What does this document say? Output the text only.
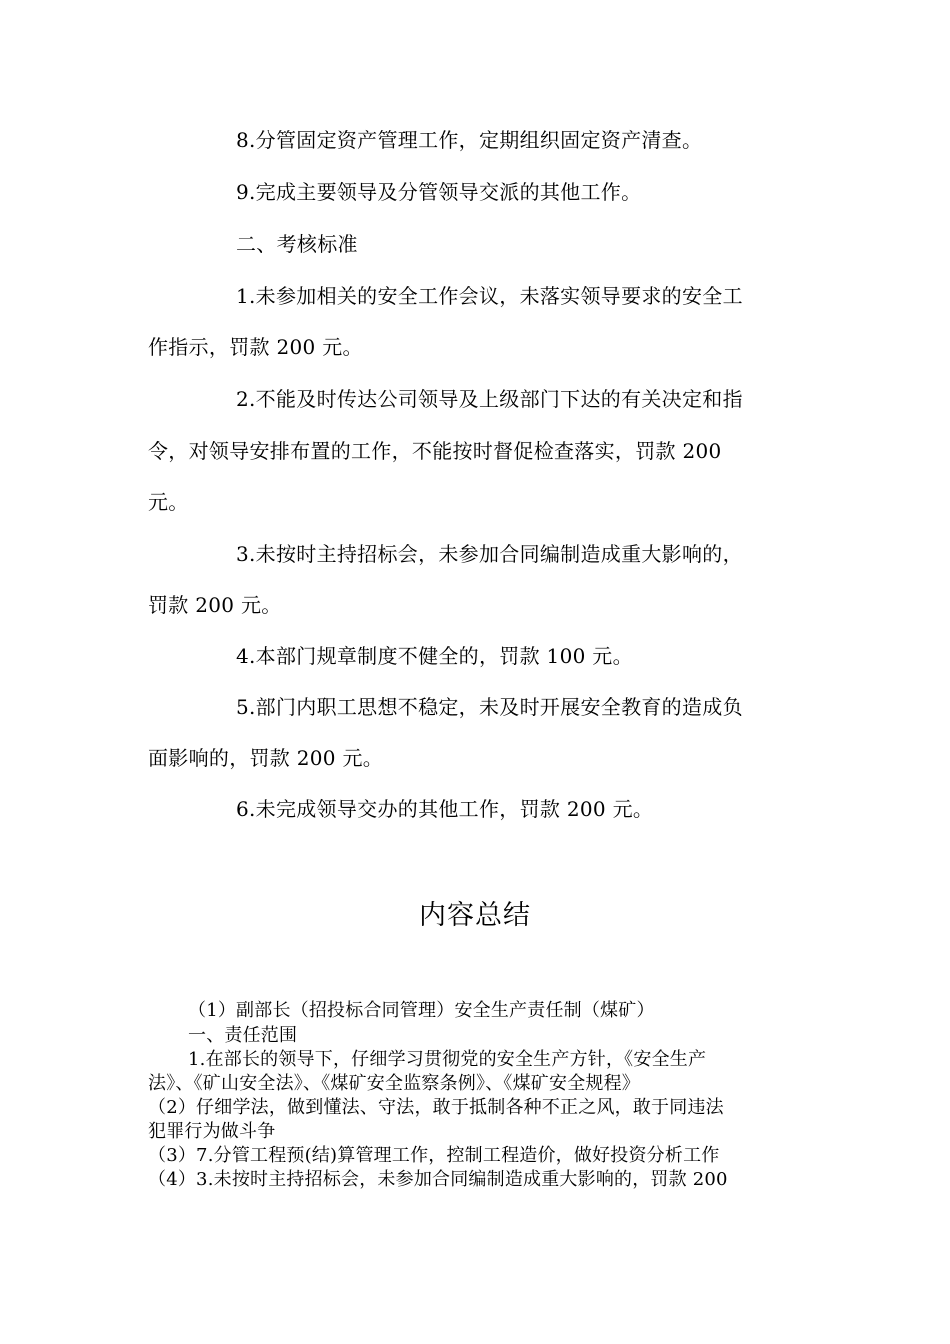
8.分管固定资产管理工作，定期组织固定资产清查。

9.完成主要领导及分管领导交派的其他工作。

二、考核标准

1.未参加相关的安全工作会议，未落实领导要求的安全工

作指示，罚款 200 元。

2.不能及时传达公司领导及上级部门下达的有关决定和指

令，对领导安排布置的工作，不能按时督促检查落实，罚款 200

元。

3.未按时主持招标会，未参加合同编制造成重大影响的，

罚款 200 元。

4.本部门规章制度不健全的，罚款 100 元。

5.部门内职工思想不稳定，未及时开展安全教育的造成负

面影响的，罚款 200 元。

6.未完成领导交办的其他工作，罚款 200 元。

内容总结

（1）副部长（招投标合同管理）安全生产责任制（煤矿）

一、责任范围

1.在部长的领导下，仔细学习贯彻党的安全生产方针，《安全生产

法》、《矿山安全法》、《煤矿安全监察条例》、《煤矿安全规程》

（2）仔细学法，做到懂法、守法，敢于抵制各种不正之风，敢于同违法

犯罪行为做斗争

（3）7.分管工程预(结)算管理工作，控制工程造价，做好投资分析工作

（4）3.未按时主持招标会，未参加合同编制造成重大影响的，罚款 200
